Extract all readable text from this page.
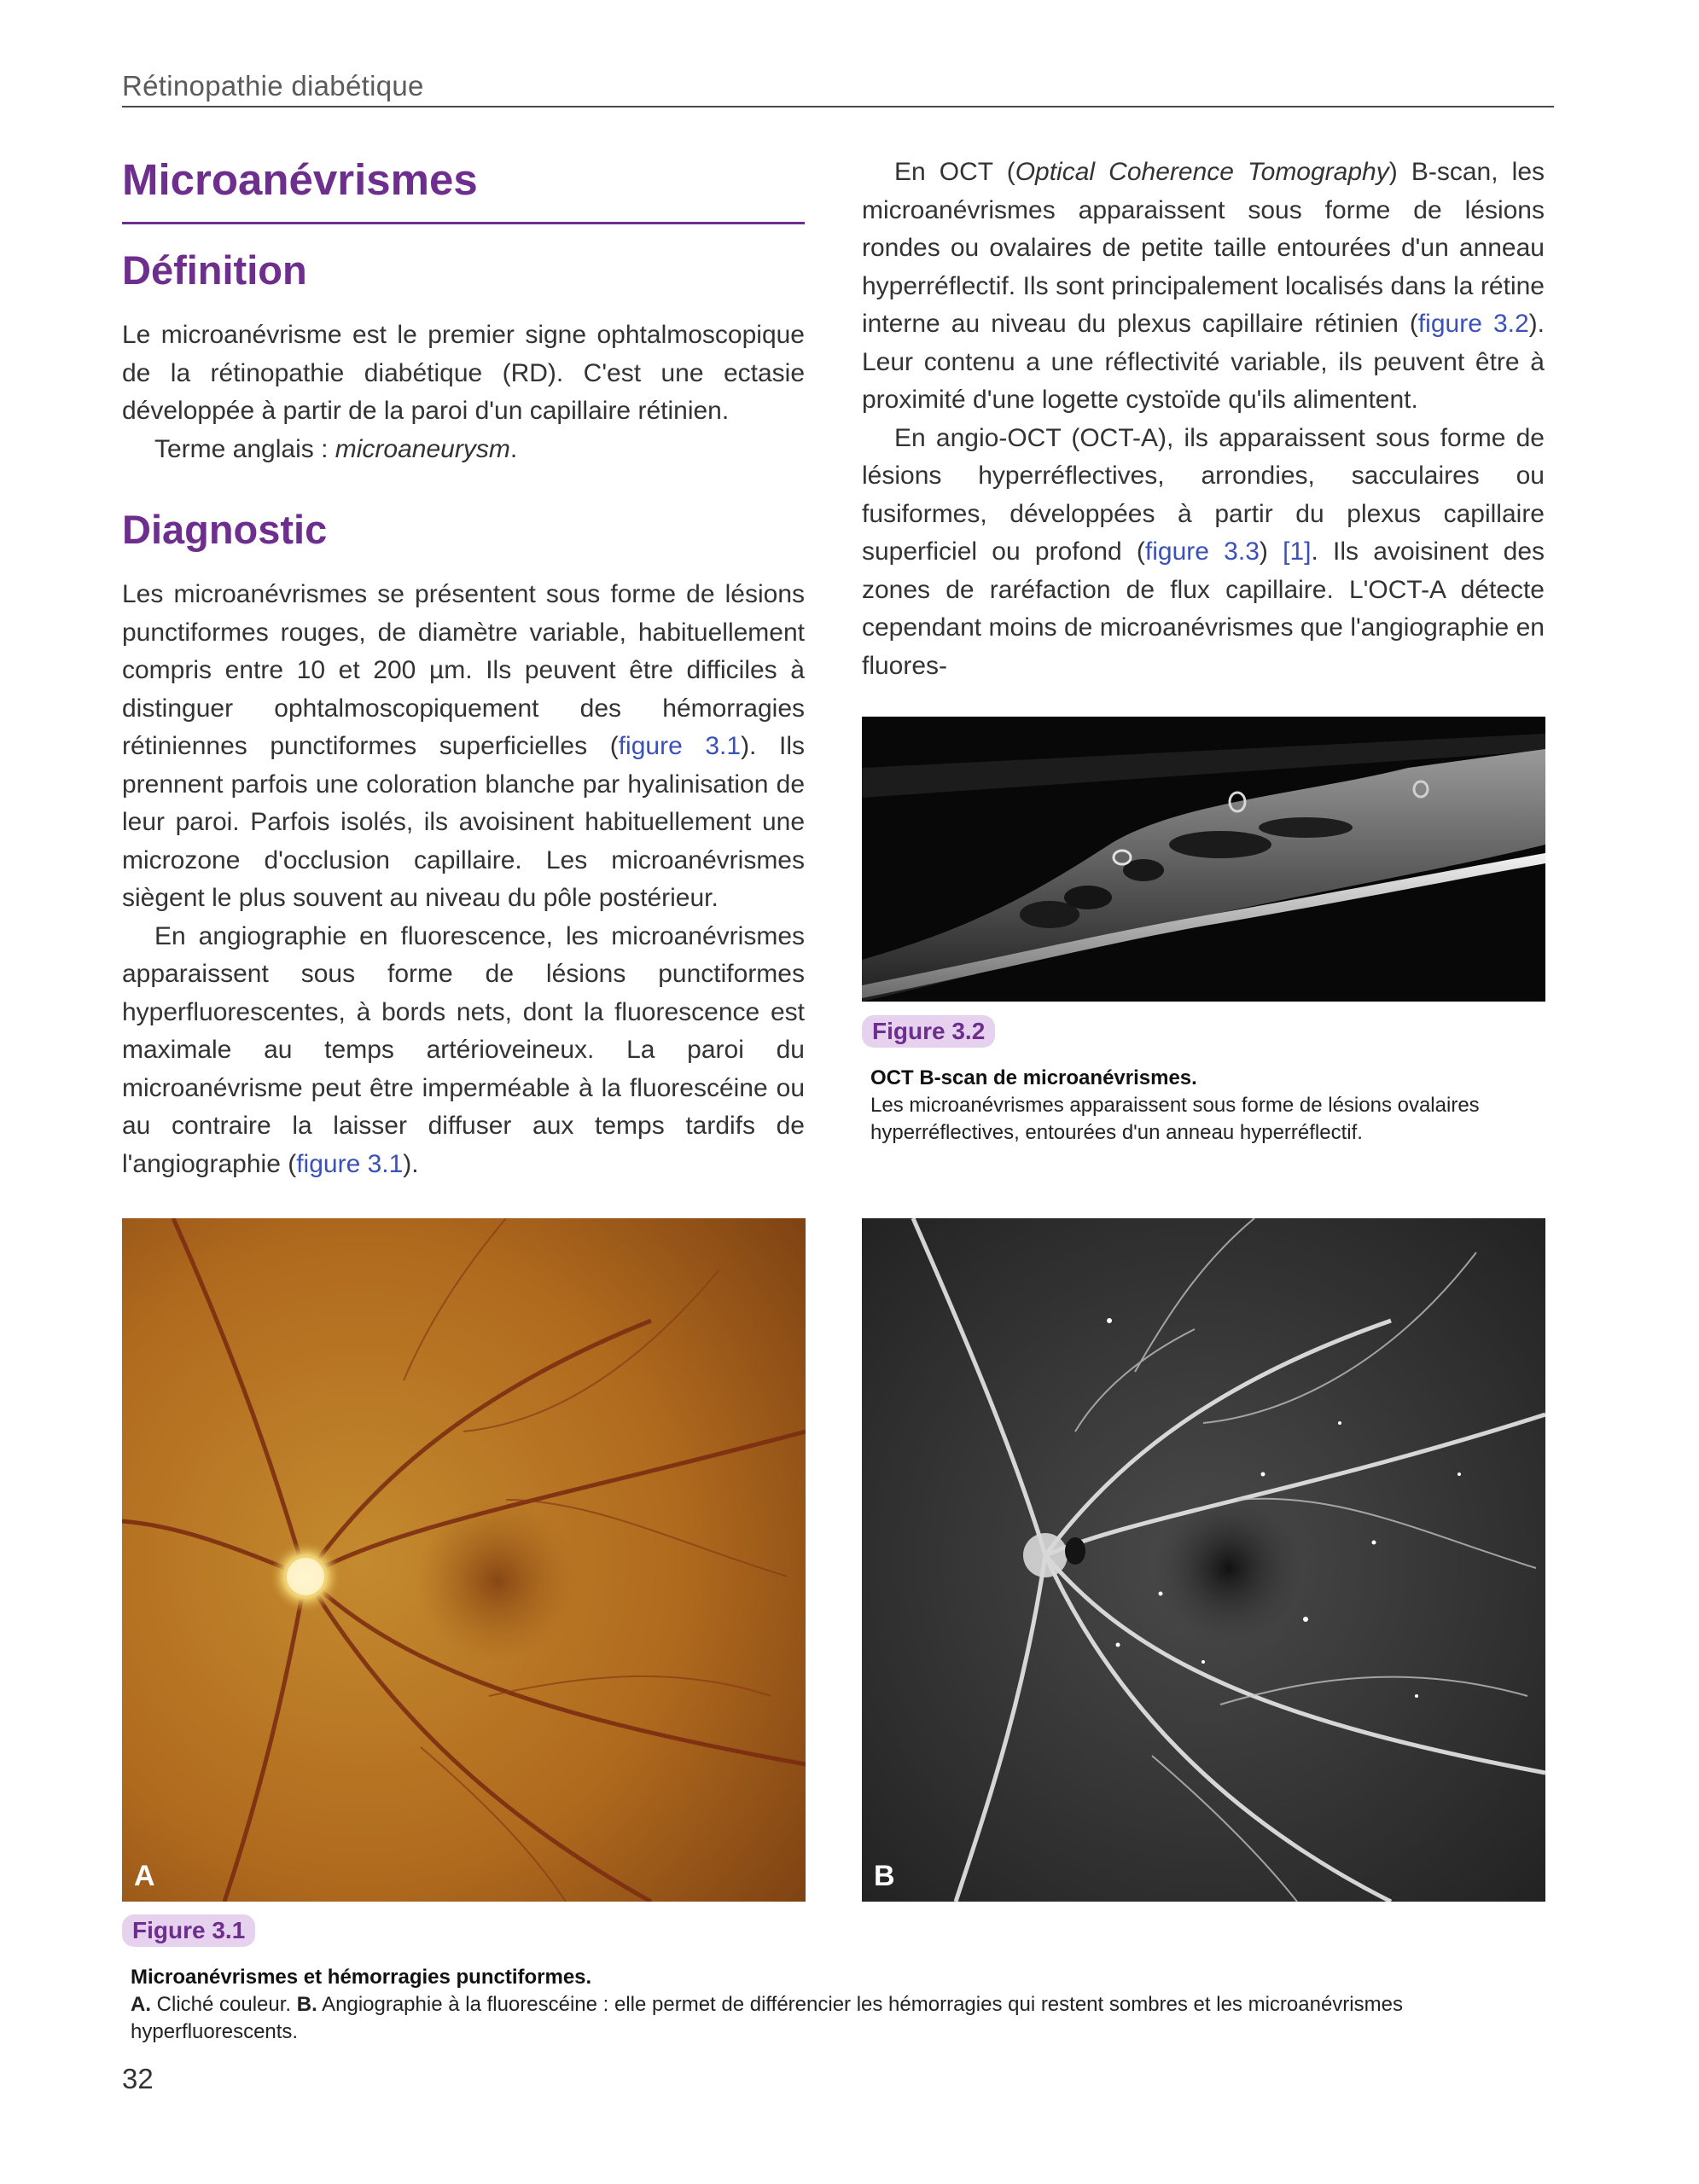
Rétinopathie diabétique
Microanévrismes
Définition

Le microanévrisme est le premier signe ophtalmoscopique de la rétinopathie diabétique (RD). C'est une ectasie développée à partir de la paroi d'un capillaire rétinien.

Terme anglais : microaneurysm.

Diagnostic

Les microanévrismes se présentent sous forme de lésions punctiformes rouges, de diamètre variable, habituellement compris entre 10 et 200 µm. Ils peuvent être difficiles à distinguer ophtalmoscopiquement des hémorragies rétiniennes punctiformes superficielles (figure 3.1). Ils prennent parfois une coloration blanche par hyalinisation de leur paroi. Parfois isolés, ils avoisinent habituellement une microzone d'occlusion capillaire. Les microanévrismes siègent le plus souvent au niveau du pôle postérieur.

En angiographie en fluorescence, les microanévrismes apparaissent sous forme de lésions punctiformes hyperfluorescentes, à bords nets, dont la fluorescence est maximale au temps artérioveineux. La paroi du microanévrisme peut être imperméable à la fluorescéine ou au contraire la laisser diffuser aux temps tardifs de l'angiographie (figure 3.1).

En OCT (Optical Coherence Tomography) B-scan, les microanévrismes apparaissent sous forme de lésions rondes ou ovalaires de petite taille entourées d'un anneau hyperréflectif. Ils sont principalement localisés dans la rétine interne au niveau du plexus capillaire rétinien (figure 3.2). Leur contenu a une réflectivité variable, ils peuvent être à proximité d'une logette cystoïde qu'ils alimentent.

En angio-OCT (OCT-A), ils apparaissent sous forme de lésions hyperréflectives, arrondies, sacculaires ou fusiformes, développées à partir du plexus capillaire superficiel ou profond (figure 3.3) [1]. Ils avoisinent des zones de raréfaction de flux capillaire. L'OCT-A détecte cependant moins de microanévrismes que l'angiographie en fluores-

Figure 3.2
OCT B-scan de microanévrismes.
Les microanévrismes apparaissent sous forme de lésions ovalaires hyperréflectives, entourées d'un anneau hyperréflectif.
A	B
Figure 3.1
Microanévrismes et hémorragies punctiformes.
A. Cliché couleur. B. Angiographie à la fluorescéine : elle permet de différencier les hémorragies qui restent sombres et les microanévrismes hyperfluorescents.
32
